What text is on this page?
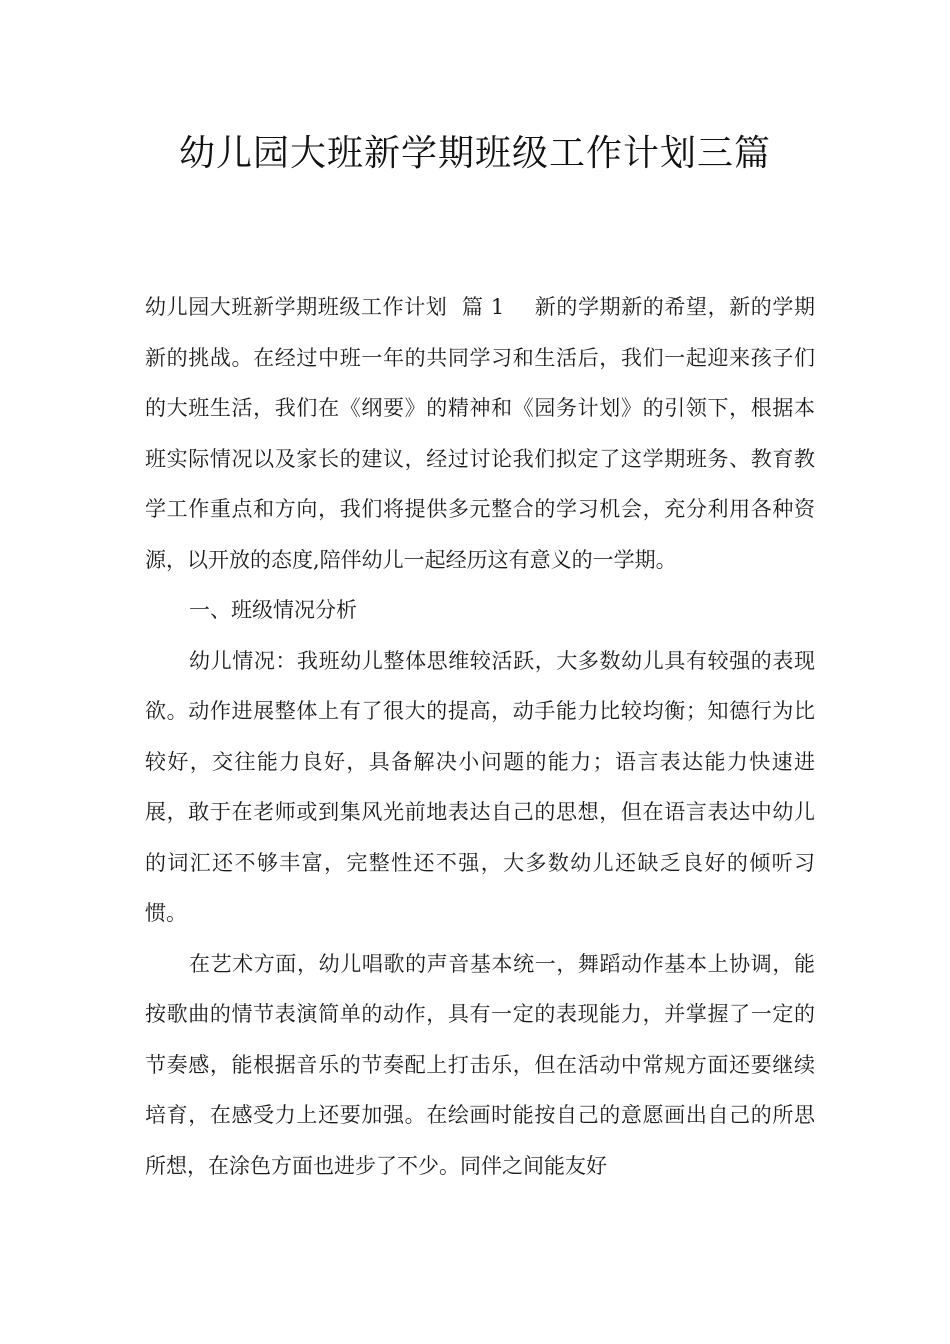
幼儿园大班新学期班级工作计划三篇

幼儿园大班新学期班级工作计划  篇 1 新的学期新的希望，新的学期新的挑战。在经过中班一年的共同学习和生活后，我们一起迎来孩子们的大班生活，我们在《纲要》的精神和《园务计划》的引领下，根据本班实际情况以及家长的建议，经过讨论我们拟定了这学期班务、教育教学工作重点和方向，我们将提供多元整合的学习机会，充分利用各种资源，以开放的态度,陪伴幼儿一起经历这有意义的一学期。

一、班级情况分析

幼儿情况：我班幼儿整体思维较活跃，大多数幼儿具有较强的表现欲。动作进展整体上有了很大的提高，动手能力比较均衡；知德行为比较好，交往能力良好，具备解决小问题的能力；语言表达能力快速进展，敢于在老师或到集风光前地表达自己的思想，但在语言表达中幼儿的词汇还不够丰富，完整性还不强，大多数幼儿还缺乏良好的倾听习惯。

在艺术方面，幼儿唱歌的声音基本统一，舞蹈动作基本上协调，能按歌曲的情节表演简单的动作，具有一定的表现能力，并掌握了一定的节奏感，能根据音乐的节奏配上打击乐，但在活动中常规方面还要继续培育，在感受力上还要加强。在绘画时能按自己的意愿画出自己的所思所想，在涂色方面也进步了不少。同伴之间能友好
